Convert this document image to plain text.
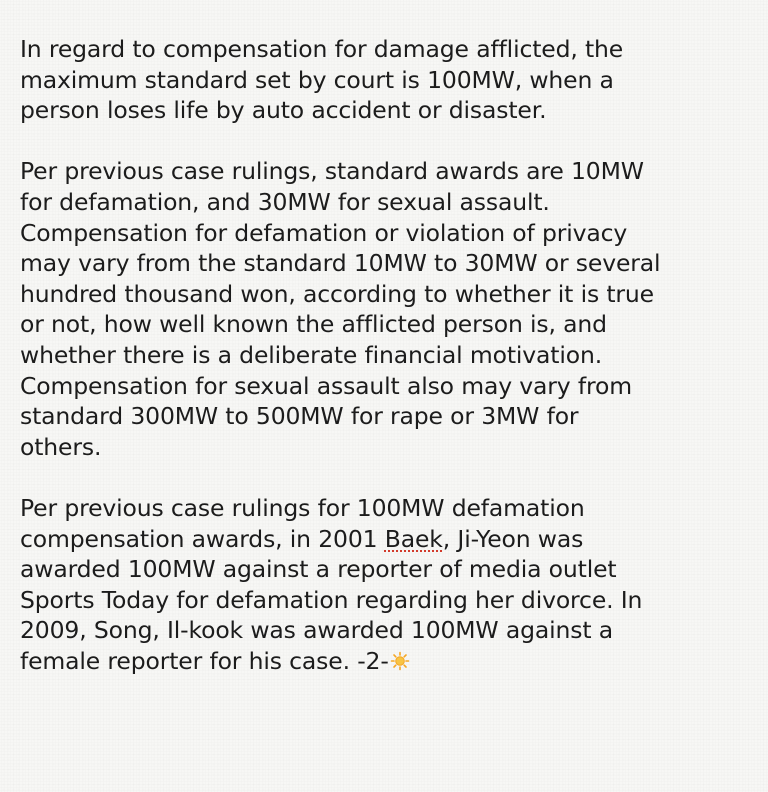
In regard to compensation for damage afflicted, the
maximum standard set by court is 100MW, when a
person loses life by auto accident or disaster.

Per previous case rulings, standard awards are 10MW
for defamation, and 30MW for sexual assault.
Compensation for defamation or violation of privacy
may vary from the standard 10MW to 30MW or several
hundred thousand won, according to whether it is true
or not, how well known the afflicted person is, and
whether there is a deliberate financial motivation.
Compensation for sexual assault also may vary from
standard 300MW to 500MW for rape or 3MW for
others.

Per previous case rulings for 100MW defamation
compensation awards, in 2001 Baek, Ji-Yeon was
awarded 100MW against a reporter of media outlet
Sports Today for defamation regarding her divorce. In
2009, Song, Il-kook was awarded 100MW against a
female reporter for his case. -2-
